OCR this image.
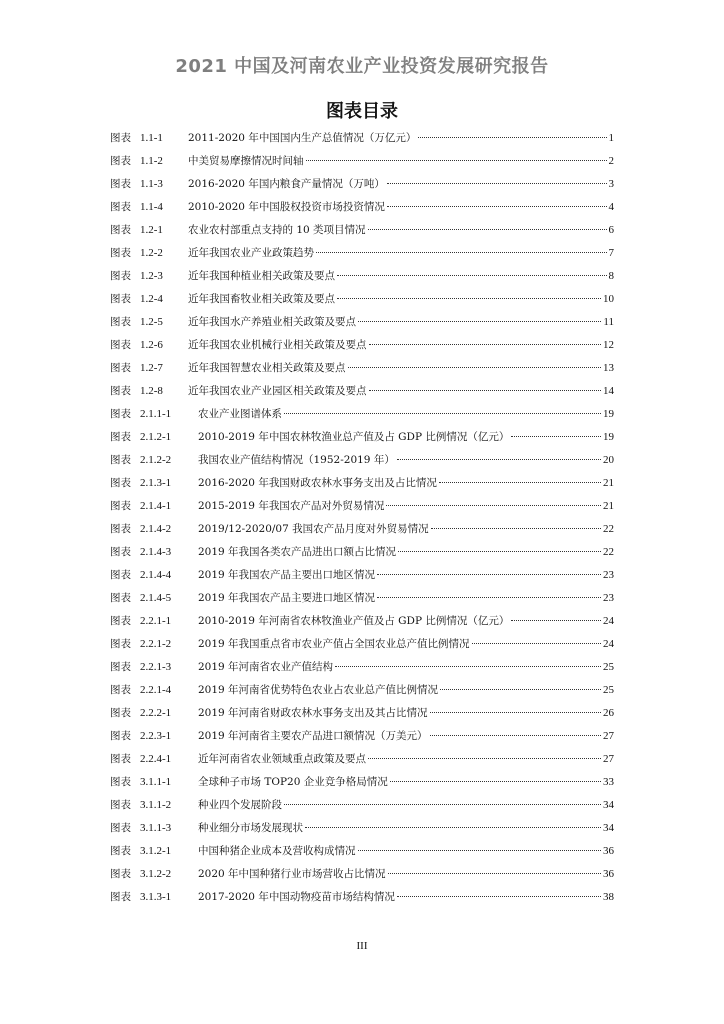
2021 中国及河南农业产业投资发展研究报告
图表目录
图表 1.1-1	2011-2020 年中国国内生产总值情况（万亿元）	1
图表 1.1-2	中美贸易摩擦情况时间轴	2
图表 1.1-3	2016-2020 年国内粮食产量情况（万吨）	3
图表 1.1-4	2010-2020 年中国股权投资市场投资情况	4
图表 1.2-1	农业农村部重点支持的 10 类项目情况	6
图表 1.2-2	近年我国农业产业政策趋势	7
图表 1.2-3	近年我国种植业相关政策及要点	8
图表 1.2-4	近年我国畜牧业相关政策及要点	10
图表 1.2-5	近年我国水产养殖业相关政策及要点	11
图表 1.2-6	近年我国农业机械行业相关政策及要点	12
图表 1.2-7	近年我国智慧农业相关政策及要点	13
图表 1.2-8	近年我国农业产业园区相关政策及要点	14
图表 2.1.1-1	农业产业图谱体系	19
图表 2.1.2-1	2010-2019 年中国农林牧渔业总产值及占 GDP 比例情况（亿元）	19
图表 2.1.2-2	我国农业产值结构情况（1952-2019 年）	20
图表 2.1.3-1	2016-2020 年我国财政农林水事务支出及占比情况	21
图表 2.1.4-1	2015-2019 年我国农产品对外贸易情况	21
图表 2.1.4-2	2019/12-2020/07 我国农产品月度对外贸易情况	22
图表 2.1.4-3	2019 年我国各类农产品进出口额占比情况	22
图表 2.1.4-4	2019 年我国农产品主要出口地区情况	23
图表 2.1.4-5	2019 年我国农产品主要进口地区情况	23
图表 2.2.1-1	2010-2019 年河南省农林牧渔业产值及占 GDP 比例情况（亿元）	24
图表 2.2.1-2	2019 年我国重点省市农业产值占全国农业总产值比例情况	24
图表 2.2.1-3	2019 年河南省农业产值结构	25
图表 2.2.1-4	2019 年河南省优势特色农业占农业总产值比例情况	25
图表 2.2.2-1	2019 年河南省财政农林水事务支出及其占比情况	26
图表 2.2.3-1	2019 年河南省主要农产品进口额情况（万美元）	27
图表 2.2.4-1	近年河南省农业领域重点政策及要点	27
图表 3.1.1-1	全球种子市场 TOP20 企业竞争格局情况	33
图表 3.1.1-2	种业四个发展阶段	34
图表 3.1.1-3	种业细分市场发展现状	34
图表 3.1.2-1	中国种猪企业成本及营收构成情况	36
图表 3.1.2-2	2020 年中国种猪行业市场营收占比情况	36
图表 3.1.3-1	2017-2020 年中国动物疫苗市场结构情况	38
III
